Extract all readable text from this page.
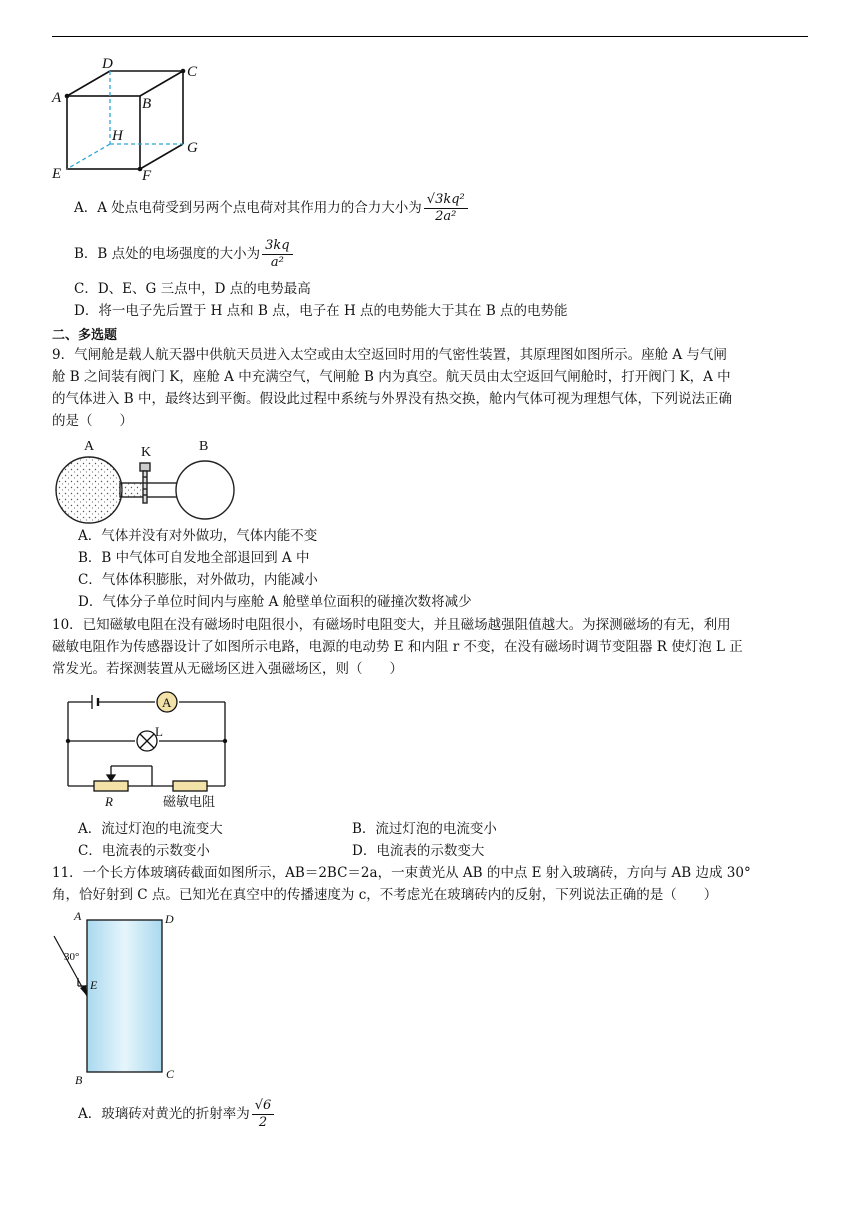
A	B
C
D
E	F
G
H
A．A 处点电荷受到另两个点电荷对其作用力的合力大小为 $\frac{\text{√3kq²}}{\text{2a²}}$
B．B 点处的电场强度的大小为 $\frac{3kq}{\text{a²}}$
C．D、E、G 三点中，D 点的电势最高
D．将一电子先后置于 H 点和 B 点，电子在 H 点的电势能大于其在 B 点的电势能
二、多选题
9．气闸舱是载人航天器中供航天员进入太空或由太空返回时用的气密性装置，其原理图如图所示。座舱 A 与气闸
舱 B 之间装有阀门 K，座舱 A 中充满空气，气闸舱 B 内为真空。航天员由太空返回气闸舱时，打开阀门 K，A 中
的气体进入 B 中，最终达到平衡。假设此过程中系统与外界没有热交换，舱内气体可视为理想气体，下列说法正确
的是（　　）
A	K	B
A．气体并没有对外做功，气体内能不变
B．B 中气体可自发地全部退回到 A 中
C．气体体积膨胀，对外做功，内能减小
D．气体分子单位时间内与座舱 A 舱壁单位面积的碰撞次数将减少
10．已知磁敏电阻在没有磁场时电阻很小，有磁场时电阻变大，并且磁场越强阻值越大。为探测磁场的有无，利用
磁敏电阻作为传感器设计了如图所示电路，电源的电动势 E 和内阻 r 不变，在没有磁场时调节变阻器 R 使灯泡 L 正
常发光。若探测装置从无磁场区进入强磁场区，则（　　）
A
L
R	磁敏电阻
A．流过灯泡的电流变大	B．流过灯泡的电流变小
C．电流表的示数变小	D．电流表的示数变大
11．一个长方体玻璃砖截面如图所示，AB＝2BC＝2a，一束黄光从 AB 的中点 E 射入玻璃砖，方向与 AB 边成 30°
角，恰好射到 C 点。已知光在真空中的传播速度为 c，不考虑光在玻璃砖内的反射，下列说法正确的是（　　）
A	D
E
B	C
30°
A．玻璃砖对黄光的折射率为 $\frac{√6}{2}$
